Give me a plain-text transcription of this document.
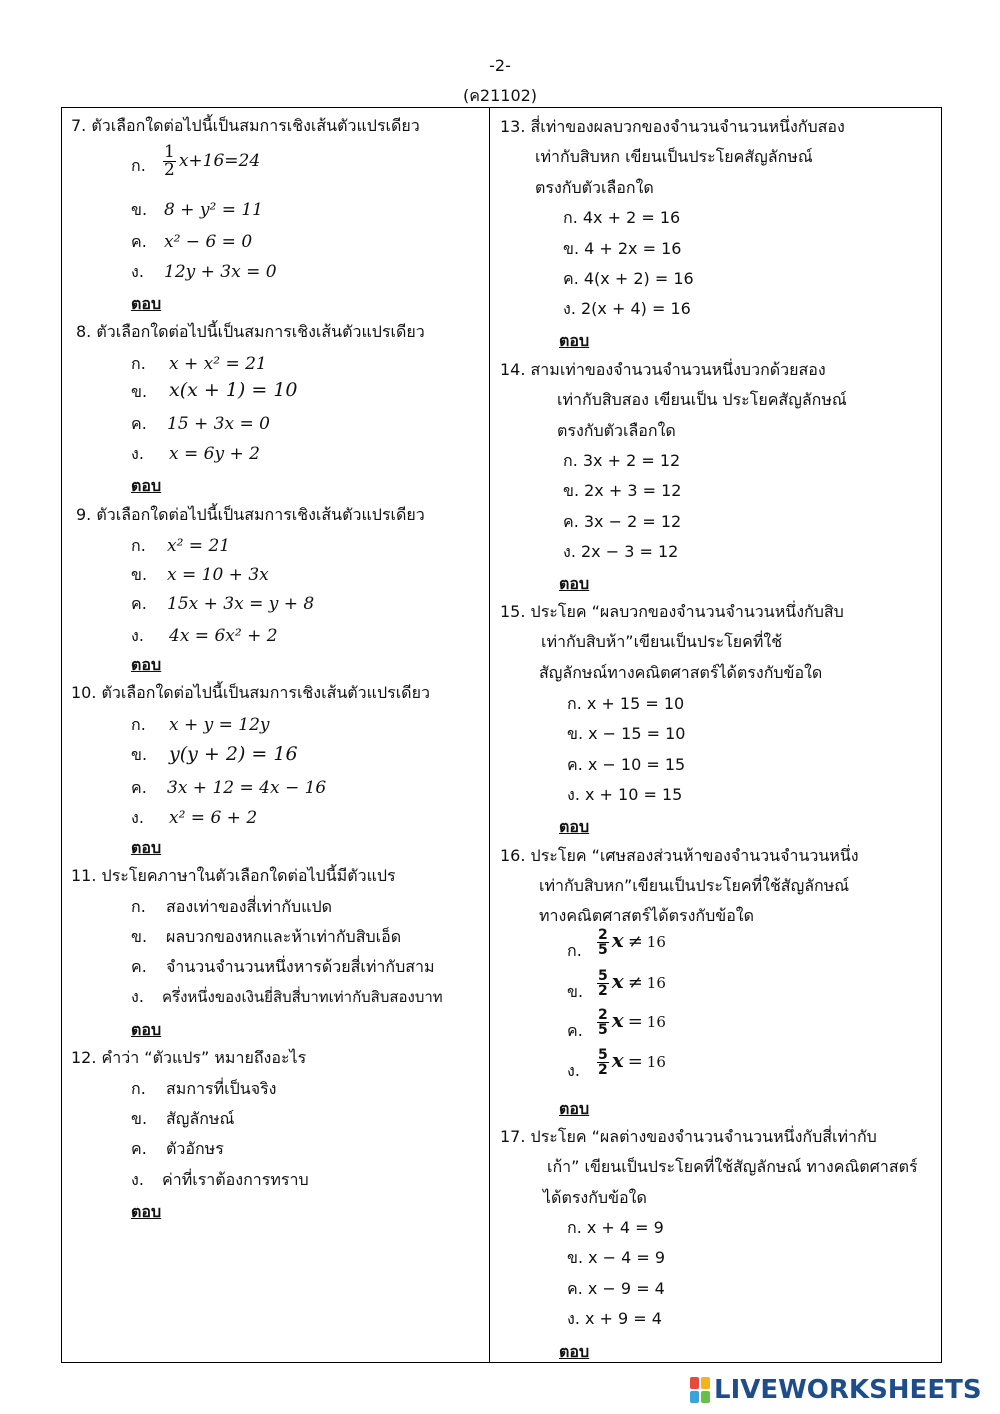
-2-
(ค21102)
7. ตัวเลือกใดต่อไปนี้เป็นสมการเชิงเส้นตัวแปรเดียว
ก. $\frac{1}{2} x+16=24$
ข. 8 + y² = 11
ค. x² − 6 = 0
ง. 12y + 3x = 0
ตอบ
8. ตัวเลือกใดต่อไปนี้เป็นสมการเชิงเส้นตัวแปรเดียว
ก. x + x² = 21
ข. x(x + 1) = 10
ค. 15 + 3x = 0
ง. x = 6y + 2
ตอบ
9. ตัวเลือกใดต่อไปนี้เป็นสมการเชิงเส้นตัวแปรเดียว
ก. x² = 21
ข. x = 10 + 3x
ค. 15x + 3x = y + 8
ง. 4x = 6x² + 2
ตอบ
10. ตัวเลือกใดต่อไปนี้เป็นสมการเชิงเส้นตัวแปรเดียว
ก. x + y = 12y
ข. y(y + 2) = 16
ค. 3x + 12 = 4x − 16
ง. x² = 6 + 2
ตอบ
11. ประโยคภาษาในตัวเลือกใดต่อไปนี้มีตัวแปร
ก. สองเท่าของสี่เท่ากับแปด
ข. ผลบวกของหกและห้าเท่ากับสิบเอ็ด
ค. จำนวนจำนวนหนึ่งหารด้วยสี่เท่ากับสาม
ง. ครึ่งหนึ่งของเงินยี่สิบสี่บาทเท่ากับสิบสองบาท
ตอบ
12. คำว่า “ตัวแปร” หมายถึงอะไร
ก. สมการที่เป็นจริง
ข. สัญลักษณ์
ค. ตัวอักษร
ง. ค่าที่เราต้องการทราบ
ตอบ
13. สี่เท่าของผลบวกของจำนวนจำนวนหนึ่งกับสอง
เท่ากับสิบหก เขียนเป็นประโยคสัญลักษณ์
ตรงกับตัวเลือกใด
ก. 4x + 2 = 16
ข. 4 + 2x = 16
ค. 4(x + 2) = 16
ง. 2(x + 4) = 16
ตอบ
14. สามเท่าของจำนวนจำนวนหนึ่งบวกด้วยสอง
เท่ากับสิบสอง เขียนเป็น ประโยคสัญลักษณ์
ตรงกับตัวเลือกใด
ก. 3x + 2 = 12
ข. 2x + 3 = 12
ค. 3x − 2 = 12
ง. 2x − 3 = 12
ตอบ
15. ประโยค “ผลบวกของจำนวนจำนวนหนึ่งกับสิบ
เท่ากับสิบห้า”เขียนเป็นประโยคที่ใช้
สัญลักษณ์ทางคณิตศาสตร์ได้ตรงกับข้อใด
ก. x + 15 = 10
ข. x − 15 = 10
ค. x − 10 = 15
ง. x + 10 = 15
ตอบ
16. ประโยค “เศษสองส่วนห้าของจำนวนจำนวนหนึ่ง
เท่ากับสิบหก”เขียนเป็นประโยคที่ใช้สัญลักษณ์
ทางคณิตศาสตร์ได้ตรงกับข้อใด
ก. $\frac{2}{5}$ 𝒙 ≠ 16
ข. $\frac{5}{2}$ 𝒙 ≠ 16
ค. $\frac{2}{5}$ 𝒙 = 16
ง. $\frac{5}{2}$ 𝒙 = 16
ตอบ
17. ประโยค “ผลต่างของจำนวนจำนวนหนึ่งกับสี่เท่ากับ
เก้า” เขียนเป็นประโยคที่ใช้สัญลักษณ์ ทางคณิตศาสตร์
ได้ตรงกับข้อใด
ก. x + 4 = 9
ข. x − 4 = 9
ค. x − 9 = 4
ง. x + 9 = 4
ตอบ
LIVEWORKSHEETS
